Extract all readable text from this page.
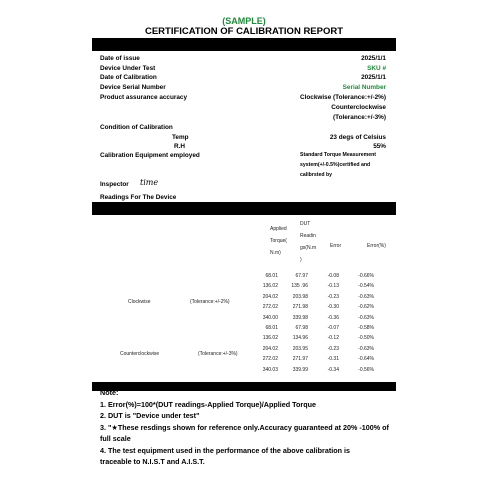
(SAMPLE)
CERTIFICATION OF CALIBRATION REPORT
Date of issue	2025/1/1
Device Under Test	SKU #
Date of Calibration	2025/1/1
Device Serial Number	Serial Number
Product assurance accuracy	Clockwise (Tolerance:+/-2%)
Counterclockwise
(Tolerance:+/-3%)
Condition of Calibration
Temp	23 degs of Celsius
R.H	55%
Calibration Equipment employed	Standard Torque Measurement
system(+/-0.5%)certified and
calibrsted by
Inspector time
Readings For The Device
Applied
Torque(
N.m)
DUT
Readin
gs(N.m
)
Error	Error(%)
68.01	67.97	-0.08	-0.66%
136.02	135 .96	-0.13	-0.54%
204.02	203.98	-0.23	-0.63%
272.02	271.98	-0.30	-0.62%
340.00	339.98	-0.36	-0.63%
Clockwise	(Tolerance:+/-2%)
68.01	67.98	-0.07	-0.58%
136.02	134.96	-0.12	-0.50%
204.02	203.95	-0.23	-0.63%
272.02	271.97	-0.31	-0.64%
340.03	339.99	-0.34	-0.56%
Counterclockwise	(Tolerance:+/-3%)
Note:
1. Error(%)=100*(DUT readings-Applied Torque)/Applied Torque
2. DUT is "Device under test"
3. "★These resdings shown for reference only.Accuracy guaranteed at 20% -100% of full scale
4. The test equipment used in the performance of the above calibration is traceable to N.I.S.T and A.I.S.T.
